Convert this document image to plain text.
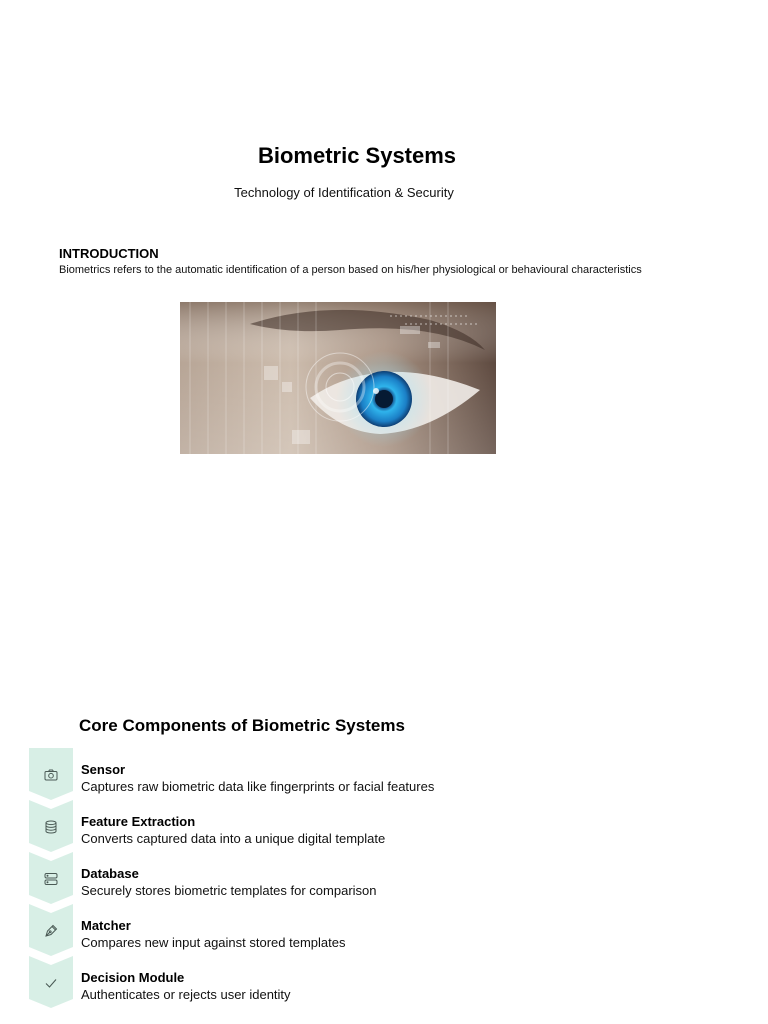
Biometric Systems
Technology of Identification & Security
INTRODUCTION
Biometrics refers to the automatic identification of a person based on his/her physiological or behavioural characteristics
Core Components of Biometric Systems
Sensor
Captures raw biometric data like fingerprints or facial features
Feature Extraction
Converts captured data into a unique digital template
Database
Securely stores biometric templates for comparison
Matcher
Compares new input against stored templates
Decision Module
Authenticates or rejects user identity
